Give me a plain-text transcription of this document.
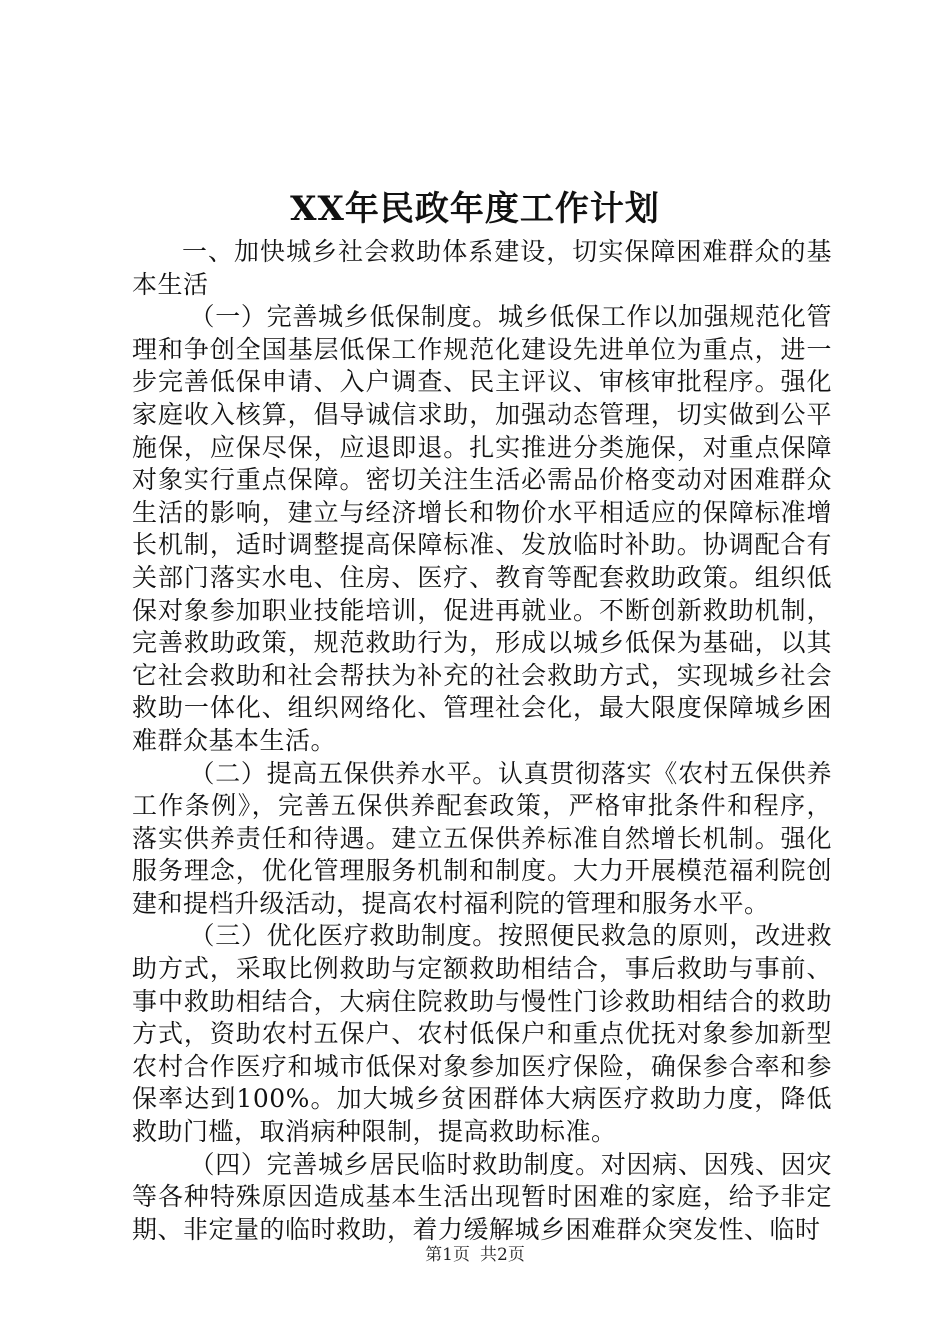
XX年民政年度工作计划

一、加快城乡社会救助体系建设，切实保障困难群众的基本生活

（一）完善城乡低保制度。城乡低保工作以加强规范化管理和争创全国基层低保工作规范化建设先进单位为重点，进一步完善低保申请、入户调查、民主评议、审核审批程序。强化家庭收入核算，倡导诚信求助，加强动态管理，切实做到公平施保，应保尽保，应退即退。扎实推进分类施保，对重点保障对象实行重点保障。密切关注生活必需品价格变动对困难群众生活的影响，建立与经济增长和物价水平相适应的保障标准增长机制，适时调整提高保障标准、发放临时补助。协调配合有关部门落实水电、住房、医疗、教育等配套救助政策。组织低保对象参加职业技能培训，促进再就业。不断创新救助机制，完善救助政策，规范救助行为，形成以城乡低保为基础，以其它社会救助和社会帮扶为补充的社会救助方式，实现城乡社会救助一体化、组织网络化、管理社会化，最大限度保障城乡困难群众基本生活。

（二）提高五保供养水平。认真贯彻落实《农村五保供养工作条例》，完善五保供养配套政策，严格审批条件和程序，落实供养责任和待遇。建立五保供养标准自然增长机制。强化服务理念，优化管理服务机制和制度。大力开展模范福利院创建和提档升级活动，提高农村福利院的管理和服务水平。

（三）优化医疗救助制度。按照便民救急的原则，改进救助方式，采取比例救助与定额救助相结合，事后救助与事前、事中救助相结合，大病住院救助与慢性门诊救助相结合的救助方式，资助农村五保户、农村低保户和重点优抚对象参加新型农村合作医疗和城市低保对象参加医疗保险，确保参合率和参保率达到100%。加大城乡贫困群体大病医疗救助力度，降低救助门槛，取消病种限制，提高救助标准。

（四）完善城乡居民临时救助制度。对因病、因残、因灾等各种特殊原因造成基本生活出现暂时困难的家庭，给予非定期、非定量的临时救助，着力缓解城乡困难群众突发性、临时

第1页 共2页
